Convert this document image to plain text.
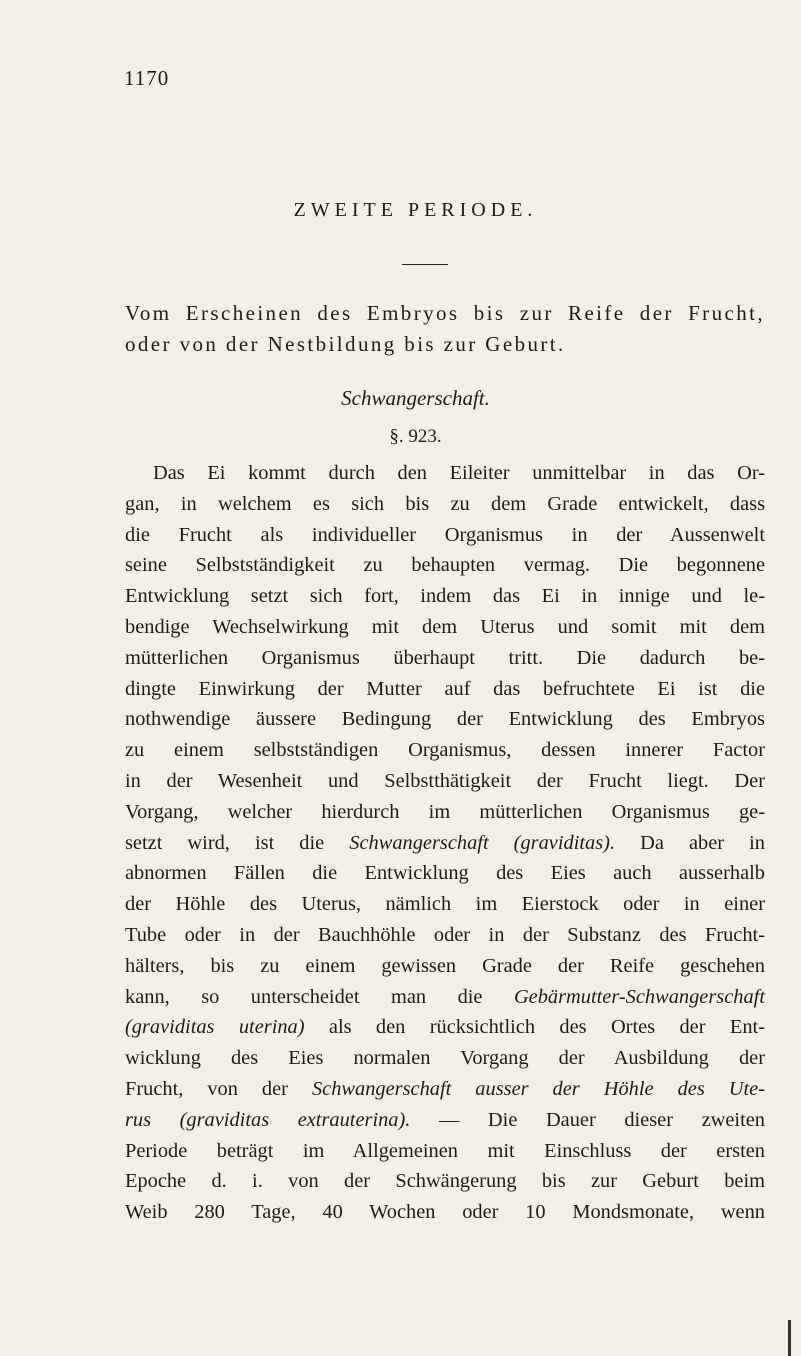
1170
ZWEITE PERIODE.
Vom Erscheinen des Embryos bis zur Reife der Frucht, oder von der Nestbildung bis zur Geburt.
Schwangerschaft.
§. 923.
Das Ei kommt durch den Eileiter unmittelbar in das Or-
gan, in welchem es sich bis zu dem Grade entwickelt, dass
die Frucht als individueller Organismus in der Aussenwelt
seine Selbstständigkeit zu behaupten vermag. Die begonnene
Entwicklung setzt sich fort, indem das Ei in innige und le-
bendige Wechselwirkung mit dem Uterus und somit mit dem
mütterlichen Organismus überhaupt tritt. Die dadurch be-
dingte Einwirkung der Mutter auf das befruchtete Ei ist die
nothwendige äussere Bedingung der Entwicklung des Embryos
zu einem selbstständigen Organismus, dessen innerer Factor
in der Wesenheit und Selbstthätigkeit der Frucht liegt. Der
Vorgang, welcher hierdurch im mütterlichen Organismus ge-
setzt wird, ist die Schwangerschaft (graviditas). Da aber in
abnormen Fällen die Entwicklung des Eies auch ausserhalb
der Höhle des Uterus, nämlich im Eierstock oder in einer
Tube oder in der Bauchhöhle oder in der Substanz des Frucht-
hälters, bis zu einem gewissen Grade der Reife geschehen
kann, so unterscheidet man die Gebärmutter-Schwangerschaft
(graviditas uterina) als den rücksichtlich des Ortes der Ent-
wicklung des Eies normalen Vorgang der Ausbildung der
Frucht, von der Schwangerschaft ausser der Höhle des Ute-
rus (graviditas extrauterina). — Die Dauer dieser zweiten
Periode beträgt im Allgemeinen mit Einschluss der ersten
Epoche d. i. von der Schwängerung bis zur Geburt beim
Weib 280 Tage, 40 Wochen oder 10 Mondsmonate, wenn
